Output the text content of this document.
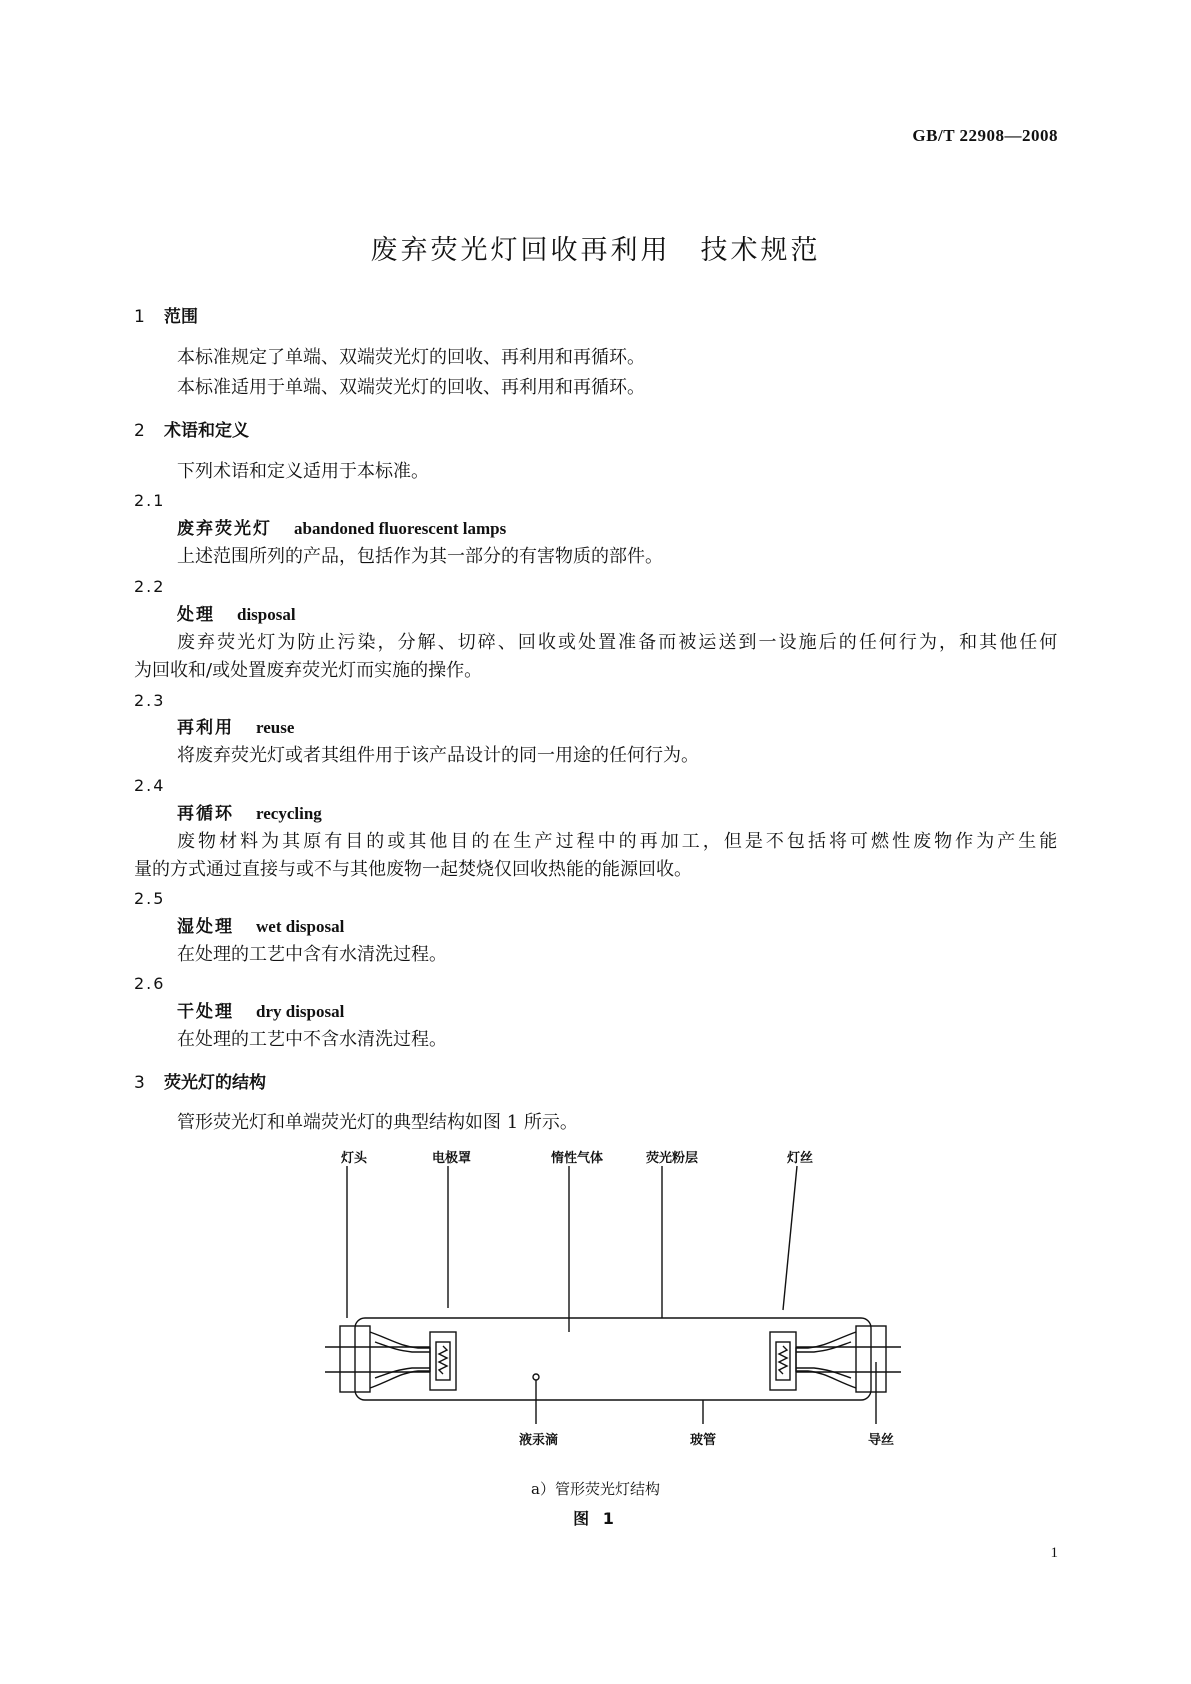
GB/T 22908—2008
废弃荧光灯回收再利用　技术规范
1 范围
本标准规定了单端、双端荧光灯的回收、再利用和再循环。
本标准适用于单端、双端荧光灯的回收、再利用和再循环。
2 术语和定义
下列术语和定义适用于本标准。
2.1
废弃荧光灯 abandoned fluorescent lamps
上述范围所列的产品，包括作为其一部分的有害物质的部件。
2.2
处理 disposal
废弃荧光灯为防止污染，分解、切碎、回收或处置准备而被运送到一设施后的任何行为，和其他任何
为回收和/或处置废弃荧光灯而实施的操作。
2.3
再利用 reuse
将废弃荧光灯或者其组件用于该产品设计的同一用途的任何行为。
2.4
再循环 recycling
废物材料为其原有目的或其他目的在生产过程中的再加工，但是不包括将可燃性废物作为产生能
量的方式通过直接与或不与其他废物一起焚烧仅回收热能的能源回收。
2.5
湿处理 wet disposal
在处理的工艺中含有水清洗过程。
2.6
干处理 dry disposal
在处理的工艺中不含水清洗过程。
3 荧光灯的结构
管形荧光灯和单端荧光灯的典型结构如图 1 所示。
灯头	电极罩	惰性气体	荧光粉层	灯丝
液汞滴	玻管	导丝
a）管形荧光灯结构
图 1
1
